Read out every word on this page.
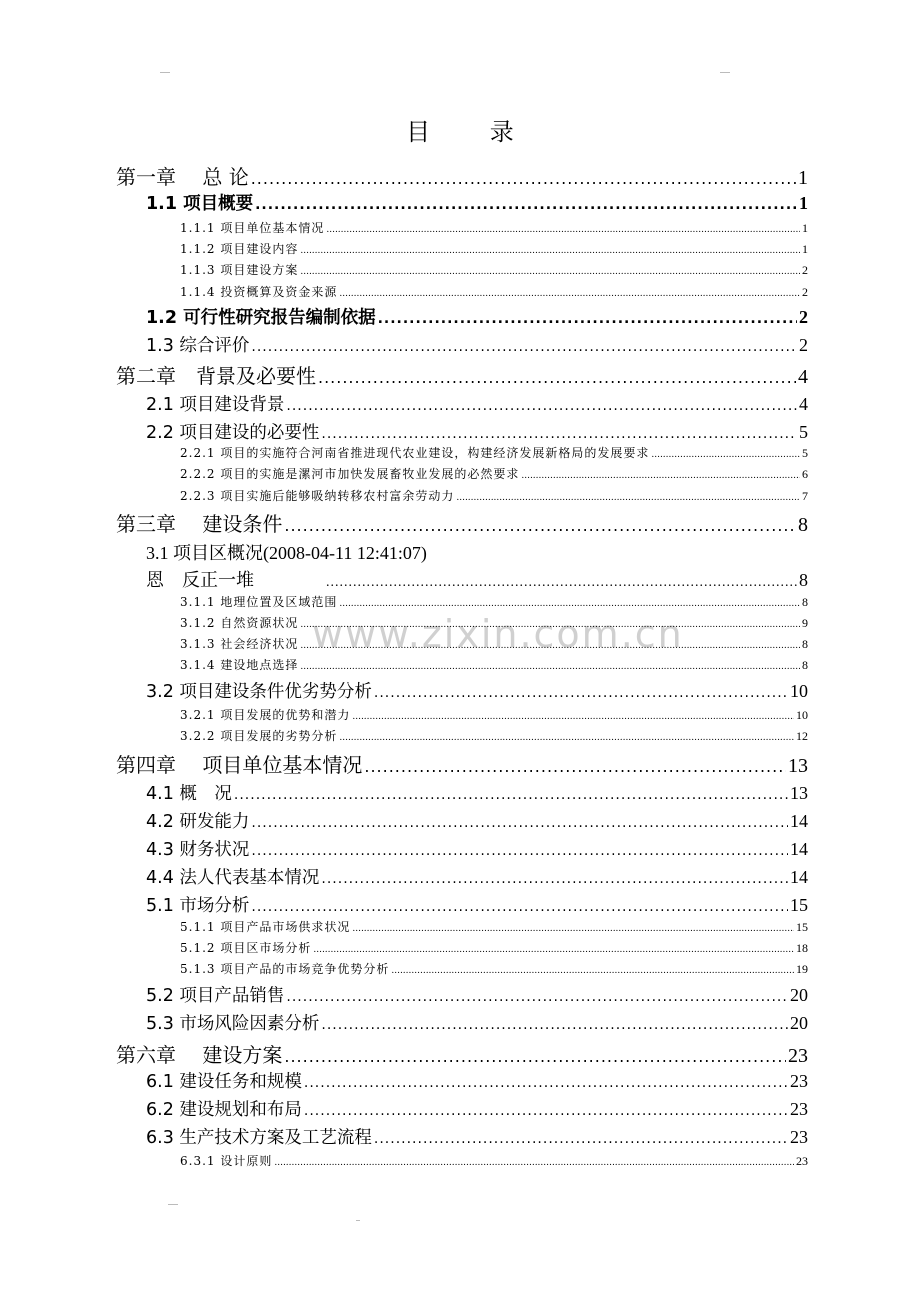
目 录
www.zixin.com.cn
第一章　 总 论 .....	1
1.1 项目概要 .....	1
1.1.1 项目单位基本情况 .....	1
1.1.2 项目建设内容 .....	1
1.1.3 项目建设方案 .....	2
1.1.4 投资概算及资金来源 .....	2
1.2 可行性研究报告编制依据 .....	2
1.3 综合评价 .....	2
第二章　背景及必要性 .....	4
2.1 项目建设背景 .....	4
2.2 项目建设的必要性 .....	5
2.2.1 项目的实施符合河南省推进现代农业建设，构建经济发展新格局的发展要求 .....	5
2.2.2 项目的实施是漯河市加快发展畜牧业发展的必然要求 .....	6
2.2.3 项目实施后能够吸纳转移农村富余劳动力 .....	7
第三章　 建设条件 .....	8
3.1 项目区概况(2008-04-11 12:41:07)
恩　反正一堆 .....	8
3.1.1 地理位置及区域范围 .....	8
3.1.2 自然资源状况 .....	9
3.1.3 社会经济状况 .....	8
3.1.4 建设地点选择 .....	8
3.2 项目建设条件优劣势分析 .....	10
3.2.1 项目发展的优势和潜力 .....	10
3.2.2 项目发展的劣势分析 .....	12
第四章　 项目单位基本情况 .....	13
4.1 概　况 .....	13
4.2 研发能力 .....	14
4.3 财务状况 .....	14
4.4 法人代表基本情况 .....	14
5.1 市场分析 .....	15
5.1.1 项目产品市场供求状况 .....	15
5.1.2 项目区市场分析 .....	18
5.1.3 项目产品的市场竞争优势分析 .....	19
5.2 项目产品销售 .....	20
5.3 市场风险因素分析 .....	20
第六章　 建设方案 .....	23
6.1 建设任务和规模 .....	23
6.2 建设规划和布局 .....	23
6.3 生产技术方案及工艺流程 .....	23
6.3.1 设计原则 .....	23
